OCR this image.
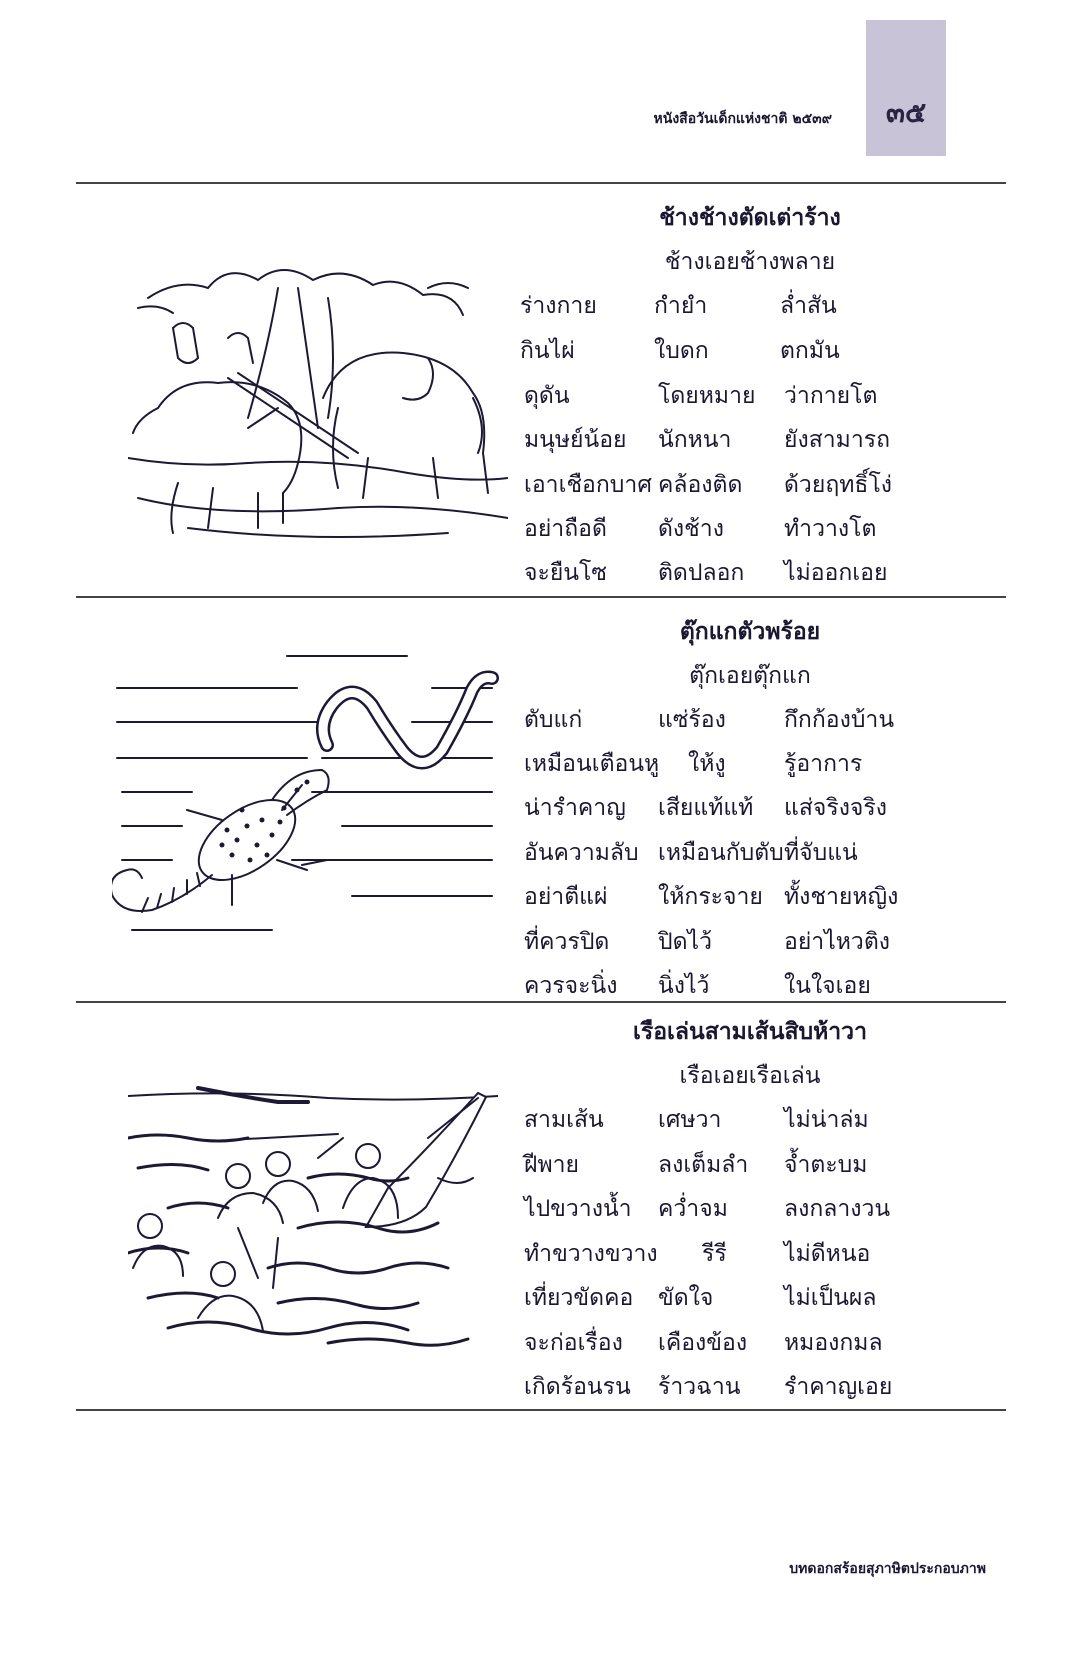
หนังสือวันเด็กแห่งชาติ ๒๕๓๙ ๓๕
ช้างช้างตัดเต่าร้าง
ช้างเอยช้างพลาย
ร่างกาย กำยำ	ล่ำสัน
กินไผ่	ใบดก	ตกมัน
ดุดัน	โดยหมาย ว่ากายโต
มนุษย์น้อย นักหนา ยังสามารถ
เอาเชือกบาศ คล้องติด ด้วยฤทธิ์โง่
อย่าถือดี ดังช้าง	ทำวางโต
จะยืนโซ ติดปลอก ไม่ออกเอย
ตุ๊กแกตัวพร้อย
ตุ๊กเอยตุ๊กแก
ตับแก่	แซ่ร้อง	กึกก้องบ้าน
เหมือนเตือนหู ให้งู	รู้อาการ
น่ารำคาญ เสียแท้แท้ แส่จริงจริง
อันความลับ เหมือนกับตับ ที่จับแน่
อย่าตีแผ่ ให้กระจาย ทั้งชายหญิง
ที่ควรปิด ปิดไว้	อย่าไหวติง
ควรจะนิ่ง นิ่งไว้	ในใจเอย
เรือเล่นสามเส้นสิบห้าวา
เรือเอยเรือเล่น
สามเส้น เศษวา	ไม่น่าล่ม
ฝีพาย	ลงเต็มลำ จ้ำตะบม
ไปขวางน้ำ คว่ำจม ลงกลางวน
ทำขวางขวาง รีรี ไม่ดีหนอ
เที่ยวขัดคอ ขัดใจ	ไม่เป็นผล
จะก่อเรื่อง เคืองข้อง หมองกมล
เกิดร้อนรน ร้าวฉาน รำคาญเอย
บทดอกสร้อยสุภาษิตประกอบภาพ
